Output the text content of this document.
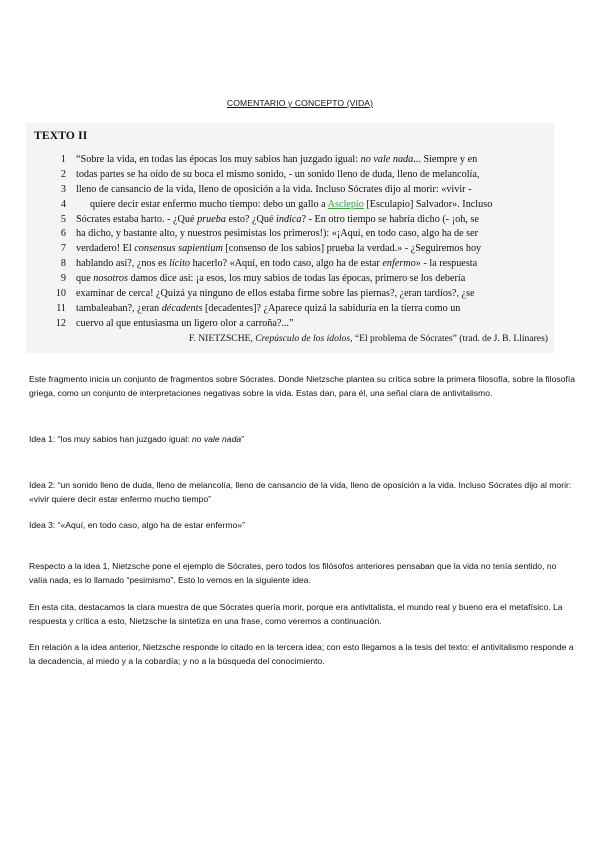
COMENTARIO y CONCEPTO (VIDA)
TEXTO II
1 “Sobre la vida, en todas las épocas los muy sabios han juzgado igual: no vale nada... Siempre y en
2 todas partes se ha oído de su boca el mismo sonido, - un sonido lleno de duda, lleno de melancolía,
3 lleno de cansancio de la vida, lleno de oposición a la vida. Incluso Sócrates dijo al morir: «vivir -
4 quiere decir estar enfermo mucho tiempo: debo un gallo a Asclepio [Esculapio] Salvador». Incluso
5 Sócrates estaba harto. - ¿Qué prueba esto? ¿Qué indica? - En otro tiempo se habría dicho (- ¡oh, se
6 ha dicho, y bastante alto, y nuestros pesimistas los primeros!): «¡Aquí, en todo caso, algo ha de ser
7 verdadero! El consensus sapientium [consenso de los sabios] prueba la verdad.» - ¿Seguiremos hoy
8 hablando así?, ¿nos es lícito hacerlo? «Aquí, en todo caso, algo ha de estar enfermo» - la respuesta
9 que nosotros damos dice así: ¡a esos, los muy sabios de todas las épocas, primero se los debería
10 examinar de cerca! ¿Quizá ya ninguno de ellos estaba firme sobre las piernas?, ¿eran tardíos?, ¿se
11 tambaleaban?, ¿eran décadents [decadentes]? ¿Aparece quizá la sabiduría en la tierra como un
12 cuervo al que entusiasma un ligero olor a carroña?...”
F. NIETZSCHE, Crepúsculo de los ídolos, “El problema de Sócrates” (trad. de J. B. Llinares)

Este fragmento inicia un conjunto de fragmentos sobre Sócrates. Donde Nietzsche plantea su crítica sobre la primera filosofía, sobre la filosofía griega, como un conjunto de interpretaciones negativas sobre la vida. Estas dan, para él, una señal clara de antivitalismo.

Idea 1: “los muy sabios han juzgado igual: no vale nada”

Idea 2: “un sonido lleno de duda, lleno de melancolía, lleno de cansancio de la vida, lleno de oposición a la vida. Incluso Sócrates dijo al morir: «vivir quiere decir estar enfermo mucho tiempo”

Idea 3: “«Aquí, en todo caso, algo ha de estar enfermo»”

Respecto a la idea 1, Nietzsche pone el ejemplo de Sócrates, pero todos los filósofos anteriores pensaban que la vida no tenía sentido, no valía nada, es lo llamado “pesimismo”. Esto lo vemos en la siguiente idea.

En esta cita, destacamos la clara muestra de que Sócrates quería morir, porque era antivitalista, el mundo real y bueno era el metafísico. La respuesta y crítica a esto, Nietzsche la sintetiza en una frase, como veremos a continuación.

En relación a la idea anterior, Nietzsche responde lo citado en la tercera idea; con esto llegamos a la tesis del texto: el antivitalismo responde a la decadencia, al miedo y a la cobardía; y no a la búsqueda del conocimiento.
